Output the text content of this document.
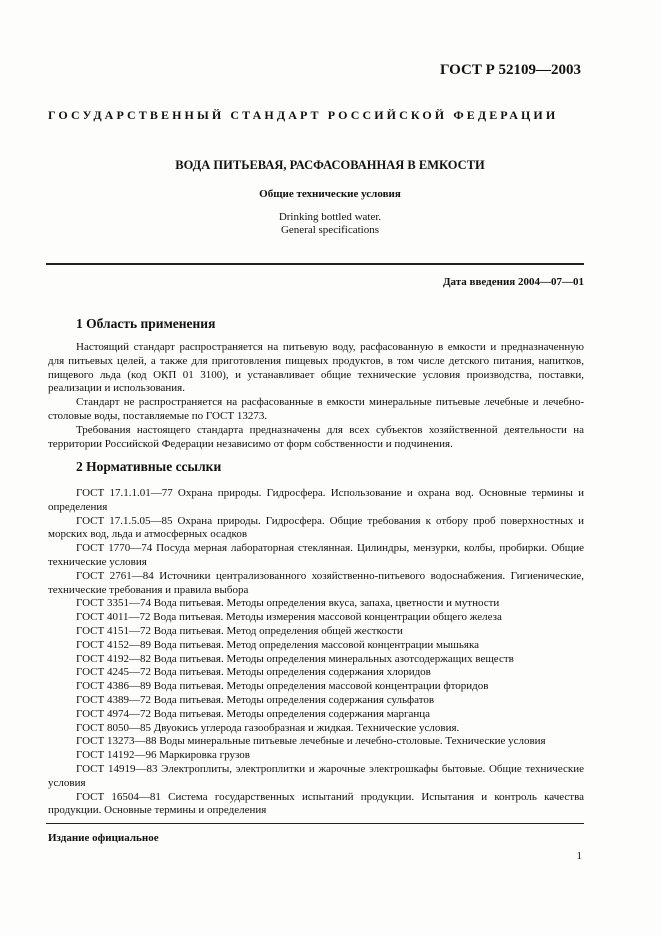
ГОСТ Р 52109—2003
ГОСУДАРСТВЕННЫЙ СТАНДАРТ РОССИЙСКОЙ ФЕДЕРАЦИИ
ВОДА ПИТЬЕВАЯ, РАСФАСОВАННАЯ В ЕМКОСТИ
Общие технические условия
Drinking bottled water.
General specifications
Дата введения 2004—07—01
1 Область применения

Настоящий стандарт распространяется на питьевую воду, расфасованную в емкости и предназначенную для питьевых целей, а также для приготовления пищевых продуктов, в том числе детского питания, напитков, пищевого льда (код ОКП 01 3100), и устанавливает общие технические условия производства, поставки, реализации и использования.

Стандарт не распространяется на расфасованные в емкости минеральные питьевые лечебные и лечебно-столовые воды, поставляемые по ГОСТ 13273.

Требования настоящего стандарта предназначены для всех субъектов хозяйственной деятельности на территории Российской Федерации независимо от форм собственности и подчинения.

2 Нормативные ссылки

ГОСТ 17.1.1.01—77 Охрана природы. Гидросфера. Использование и охрана вод. Основные термины и определения

ГОСТ 17.1.5.05—85 Охрана природы. Гидросфера. Общие требования к отбору проб поверхностных и морских вод, льда и атмосферных осадков

ГОСТ 1770—74 Посуда мерная лабораторная стеклянная. Цилиндры, мензурки, колбы, пробирки. Общие технические условия

ГОСТ 2761—84 Источники централизованного хозяйственно-питьевого водоснабжения. Гигиенические, технические требования и правила выбора

ГОСТ 3351—74 Вода питьевая. Методы определения вкуса, запаха, цветности и мутности

ГОСТ 4011—72 Вода питьевая. Методы измерения массовой концентрации общего железа

ГОСТ 4151—72 Вода питьевая. Метод определения общей жесткости

ГОСТ 4152—89 Вода питьевая. Метод определения массовой концентрации мышьяка

ГОСТ 4192—82 Вода питьевая. Методы определения минеральных азотсодержащих веществ

ГОСТ 4245—72 Вода питьевая. Методы определения содержания хлоридов

ГОСТ 4386—89 Вода питьевая. Методы определения массовой концентрации фторидов

ГОСТ 4389—72 Вода питьевая. Методы определения содержания сульфатов

ГОСТ 4974—72 Вода питьевая. Методы определения содержания марганца

ГОСТ 8050—85 Двуокись углерода газообразная и жидкая. Технические условия.

ГОСТ 13273—88 Воды минеральные питьевые лечебные и лечебно-столовые. Технические условия

ГОСТ 14192—96 Маркировка грузов

ГОСТ 14919—83 Электроплиты, электроплитки и жарочные электрошкафы бытовые. Общие технические условия

ГОСТ 16504—81 Система государственных испытаний продукции. Испытания и контроль качества продукции. Основные термины и определения

Издание официальное
1
